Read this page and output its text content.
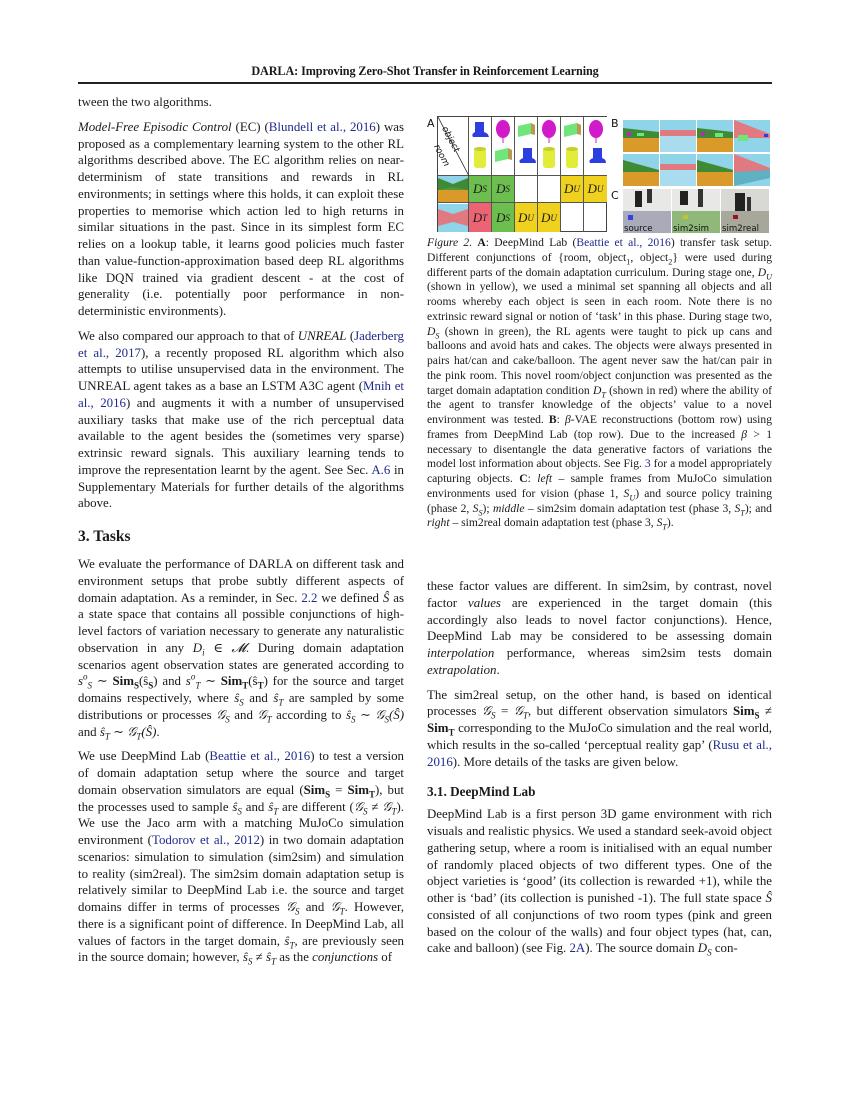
DARLA: Improving Zero-Shot Transfer in Reinforcement Learning

tween the two algorithms.

Model-Free Episodic Control (EC) (Blundell et al., 2016) was proposed as a complementary learning system to the other RL algorithms described above. The EC algorithm relies on near-determinism of state transitions and rewards in RL environments; in settings where this holds, it can exploit these properties to memorise which action led to high returns in similar situations in the past. Since in its simplest form EC relies on a lookup table, it learns good policies much faster than value-function-approximation based deep RL algorithms like DQN trained via gradient descent - at the cost of generality (i.e. potentially poor performance in non-deterministic environments).

We also compared our approach to that of UNREAL (Jaderberg et al., 2017), a recently proposed RL algorithm which also attempts to utilise unsupervised data in the environment. The UNREAL agent takes as a base an LSTM A3C agent (Mnih et al., 2016) and augments it with a number of unsupervised auxiliary tasks that make use of the rich perceptual data available to the agent besides the (sometimes very sparse) extrinsic reward signals. This auxiliary learning tends to improve the representation learnt by the agent. See Sec. A.6 in Supplementary Materials for further details of the algorithms above.

3. Tasks

We evaluate the performance of DARLA on different task and environment setups that probe subtly different aspects of domain adaptation. As a reminder, in Sec. 2.2 we defined Ŝ as a state space that contains all possible conjunctions of high-level factors of variation necessary to generate any naturalistic observation in any $D_i$ ∈ 𝓜. During domain adaptation scenarios agent observation states are generated according to $s^o_S$ ∼ $Sim_S(ŝ_S)$ and $s^o_T$ ∼ $Sim_T(ŝ_T)$ for the source and target domains respectively, where $ŝ_S$ and $ŝ_T$ are sampled by some distributions or processes 𝒢$_S$ and 𝒢$_T$ according to $ŝ_S$ ∼ 𝒢$_S$(Ŝ) and $ŝ_T$ ∼ 𝒢$_T$(Ŝ).

We use DeepMind Lab (Beattie et al., 2016) to test a version of domain adaptation setup where the source and target domain observation simulators are equal (Sim$_S$ = Sim$_T$), but the processes used to sample $ŝ_S$ and $ŝ_T$ are different (𝒢$_S$ ≠ 𝒢$_T$). We use the Jaco arm with a matching MuJoCo simulation environment (Todorov et al., 2012) in two domain adaptation scenarios: simulation to simulation (sim2sim) and simulation to reality (sim2real). The sim2sim domain adaptation setup is relatively similar to DeepMind Lab i.e. the source and target domains differ in terms of processes 𝒢$_S$ and 𝒢$_T$. However, there is a significant point of difference. In DeepMind Lab, all values of factors in the target domain, $ŝ_T$, are previously seen in the source domain; however, $ŝ_S$ ≠ $ŝ_T$ as the conjunctions of

A
object
room
D S D S	D U D U
D T D S D U D U
B
C
source	sim2sim	sim2real

Figure 2. A: DeepMind Lab (Beattie et al., 2016) transfer task setup. Different conjunctions of {room, object$_1$, object$_2$} were used during different parts of the domain adaptation curriculum. During stage one, $D_U$ (shown in yellow), we used a minimal set spanning all objects and all rooms whereby each object is seen in each room. Note there is no extrinsic reward signal or notion of ‘task’ in this phase. During stage two, $D_S$ (shown in green), the RL agents were taught to pick up cans and balloons and avoid hats and cakes. The objects were always presented in pairs hat/can and cake/balloon. The agent never saw the hat/can pair in the pink room. This novel room/object conjunction was presented as the target domain adaptation condition $D_T$ (shown in red) where the ability of the agent to transfer knowledge of the objects’ value to a novel environment was tested. B: β-VAE reconstructions (bottom row) using frames from DeepMind Lab (top row). Due to the increased β > 1 necessary to disentangle the data generative factors of variations the model lost information about objects. See Fig. 3 for a model appropriately capturing objects. C: left – sample frames from MuJoCo simulation environments used for vision (phase 1, $S_U$) and source policy training (phase 2, $S_S$); middle – sim2sim domain adaptation test (phase 3, $S_T$); and right – sim2real domain adaptation test (phase 3, $S_T$).

these factor values are different. In sim2sim, by contrast, novel factor values are experienced in the target domain (this accordingly also leads to novel factor conjunctions). Hence, DeepMind Lab may be considered to be assessing domain interpolation performance, whereas sim2sim tests domain extrapolation.

The sim2real setup, on the other hand, is based on identical processes 𝒢$_S$ = 𝒢$_T$, but different observation simulators Sim$_S$ ≠ Sim$_T$ corresponding to the MuJoCo simulation and the real world, which results in the so-called ‘perceptual reality gap’ (Rusu et al., 2016). More details of the tasks are given below.

3.1. DeepMind Lab

DeepMind Lab is a first person 3D game environment with rich visuals and realistic physics. We used a standard seek-avoid object gathering setup, where a room is initialised with an equal number of randomly placed objects of two different types. One of the object varieties is ‘good’ (its collection is rewarded +1), while the other is ‘bad’ (its collection is punished -1). The full state space Ŝ consisted of all conjunctions of two room types (pink and green based on the colour of the walls) and four object types (hat, can, cake and balloon) (see Fig. 2A). The source domain $D_S$ con-
